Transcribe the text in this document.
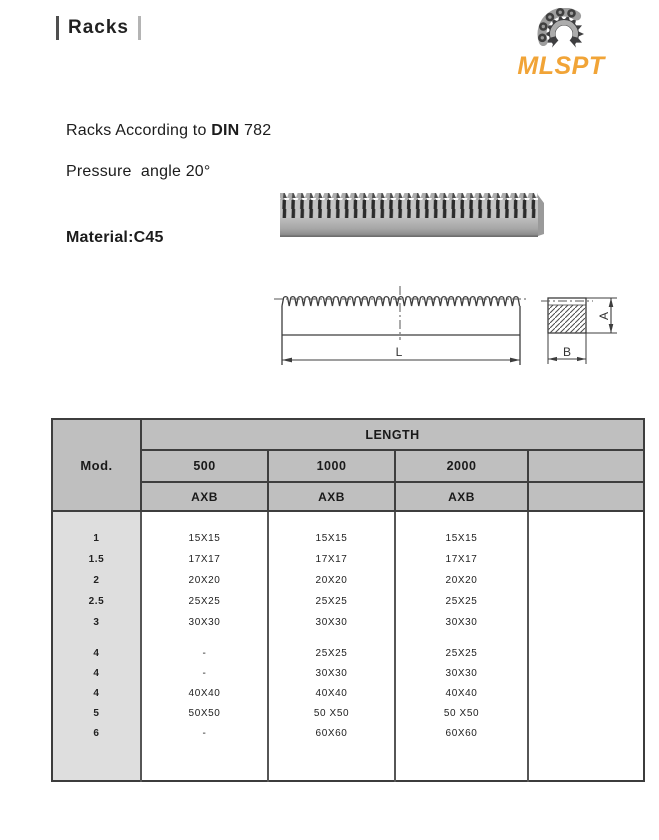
Racks
MLSPT

Racks According to DIN 782

Pressure  angle 20°

Material:C45

L
A
B
Mod.	LENGTH			
	500	1000	2000	
	AXB	AXB	AXB	

1	15X15	15X15	15X15	
1.5	17X17	17X17	17X17	
2	20X20	20X20	20X20	
2.5	25X25	25X25	25X25	
3	30X30	30X30	30X30	

4	-	25X25	25X25	
4	-	30X30	30X30	
4	40X40	40X40	40X40	
5	50X50	50 X50	50 X50	
6	-	60X60	60X60	
